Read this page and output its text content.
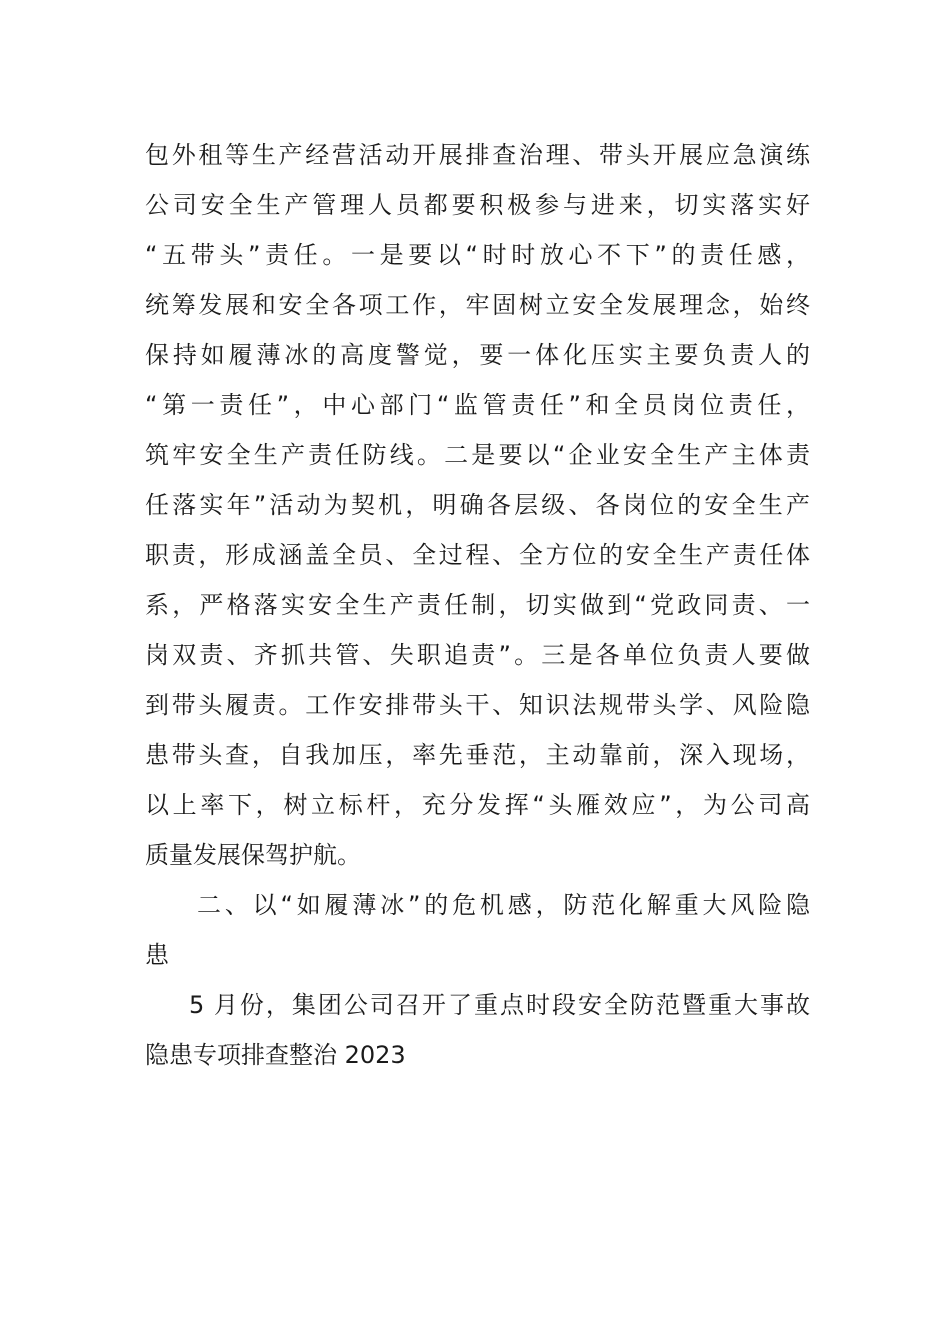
包外租等生产经营活动开展排查治理、带头开展应急演练
公司安全生产管理人员都要积极参与进来，切实落实好
“五带头”责任。一是要以“时时放心不下”的责任感，
统筹发展和安全各项工作，牢固树立安全发展理念，始终
保持如履薄冰的高度警觉，要一体化压实主要负责人的
“第一责任”，中心部门“监管责任”和全员岗位责任，
筑牢安全生产责任防线。二是要以“企业安全生产主体责
任落实年”活动为契机，明确各层级、各岗位的安全生产
职责，形成涵盖全员、全过程、全方位的安全生产责任体
系，严格落实安全生产责任制，切实做到“党政同责、一
岗双责、齐抓共管、失职追责”。三是各单位负责人要做
到带头履责。工作安排带头干、知识法规带头学、风险隐
患带头查，自我加压，率先垂范，主动靠前，深入现场，
以上率下，树立标杆，充分发挥“头雁效应”，为公司高
质量发展保驾护航。
二、以“如履薄冰”的危机感，防范化解重大风险隐
患
5 月份，集团公司召开了重点时段安全防范暨重大事故
隐患专项排查整治 2023
